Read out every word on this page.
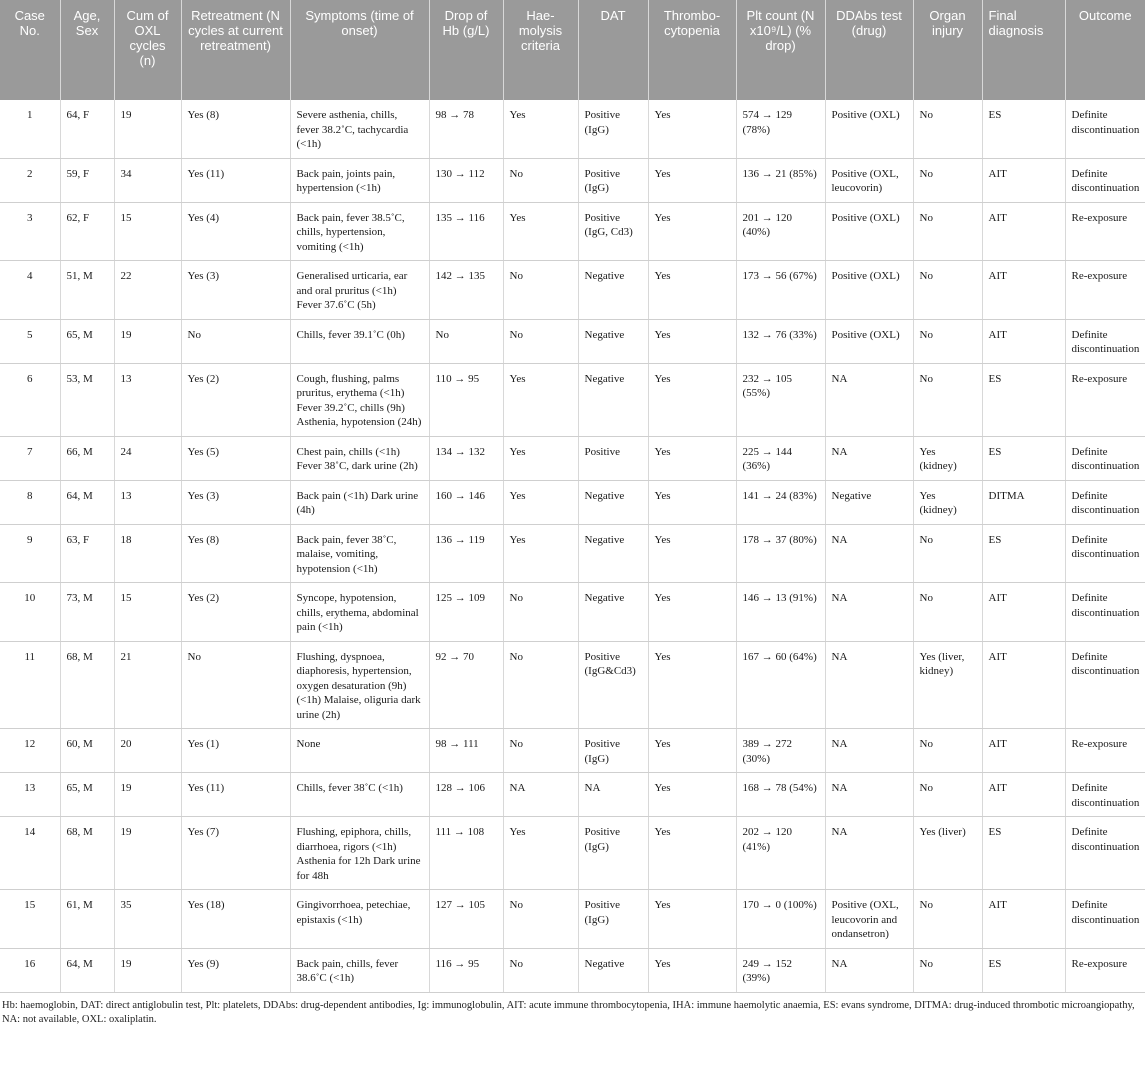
Case No.	Age, Sex	Cum of OXL cycles (n)	Retreatment (N cycles at current retreatment)	Symptoms (time of onset)	Drop of Hb (g/L)	Hae-molysis criteria	DAT	Thrombo-cytopenia	Plt count (N x10⁹/L) (% drop)	DDAbs test (drug)	Organ injury	Final diagnosis	Outcome
1	64, F	19	Yes (8)	Severe asthenia, chills, fever 38.2˚C, tachycardia (<1h)	98 → 78	Yes	Positive (IgG)	Yes	574 → 129 (78%)	Positive (OXL)	No	ES	Definite discontinuation
2	59, F	34	Yes (11)	Back pain, joints pain, hypertension (<1h)	130 → 112	No	Positive (IgG)	Yes	136 → 21 (85%)	Positive (OXL, leucovorin)	No	AIT	Definite discontinuation
3	62, F	15	Yes (4)	Back pain, fever 38.5˚C, chills, hypertension, vomiting (<1h)	135 → 116	Yes	Positive (IgG, Cd3)	Yes	201 → 120 (40%)	Positive (OXL)	No	AIT	Re-exposure
4	51, M	22	Yes (3)	Generalised urticaria, ear and oral pruritus (<1h) Fever 37.6˚C (5h)	142 → 135	No	Negative	Yes	173 → 56 (67%)	Positive (OXL)	No	AIT	Re-exposure
5	65, M	19	No	Chills, fever 39.1˚C (0h)	No	No	Negative	Yes	132 → 76 (33%)	Positive (OXL)	No	AIT	Definite discontinuation
6	53, M	13	Yes (2)	Cough, flushing, palms pruritus, erythema (<1h) Fever 39.2˚C, chills (9h) Asthenia, hypotension (24h)	110 → 95	Yes	Negative	Yes	232 → 105 (55%)	NA	No	ES	Re-exposure
7	66, M	24	Yes (5)	Chest pain, chills (<1h) Fever 38˚C, dark urine (2h)	134 → 132	Yes	Positive	Yes	225 → 144 (36%)	NA	Yes (kidney)	ES	Definite discontinuation
8	64, M	13	Yes (3)	Back pain (<1h) Dark urine (4h)	160 → 146	Yes	Negative	Yes	141 → 24 (83%)	Negative	Yes (kidney)	DITMA	Definite discontinuation
9	63, F	18	Yes (8)	Back pain, fever 38˚C, malaise, vomiting, hypotension (<1h)	136 → 119	Yes	Negative	Yes	178 → 37 (80%)	NA	No	ES	Definite discontinuation
10	73, M	15	Yes (2)	Syncope, hypotension, chills, erythema, abdominal pain (<1h)	125 → 109	No	Negative	Yes	146 → 13 (91%)	NA	No	AIT	Definite discontinuation
11	68, M	21	No	Flushing, dyspnoea, diaphoresis, hypertension, oxygen desaturation (9h) (<1h) Malaise, oliguria dark urine (2h)	92 → 70	No	Positive (IgG&Cd3)	Yes	167 → 60 (64%)	NA	Yes (liver, kidney)	AIT	Definite discontinuation
12	60, M	20	Yes (1)	None	98 → 111	No	Positive (IgG)	Yes	389 → 272 (30%)	NA	No	AIT	Re-exposure
13	65, M	19	Yes (11)	Chills, fever 38˚C (<1h)	128 → 106	NA	NA	Yes	168 → 78 (54%)	NA	No	AIT	Definite discontinuation
14	68, M	19	Yes (7)	Flushing, epiphora, chills, diarrhoea, rigors (<1h) Asthenia for 12h Dark urine for 48h	111 → 108	Yes	Positive (IgG)	Yes	202 → 120 (41%)	NA	Yes (liver)	ES	Definite discontinuation
15	61, M	35	Yes (18)	Gingivorrhoea, petechiae, epistaxis (<1h)	127 → 105	No	Positive (IgG)	Yes	170 → 0 (100%)	Positive (OXL, leucovorin and ondansetron)	No	AIT	Definite discontinuation
16	64, M	19	Yes (9)	Back pain, chills, fever 38.6˚C (<1h)	116 → 95	No	Negative	Yes	249 → 152 (39%)	NA	No	ES	Re-exposure
Hb: haemoglobin, DAT: direct antiglobulin test, Plt: platelets, DDAbs: drug-dependent antibodies, Ig: immunoglobulin, AIT: acute immune thrombocytopenia, IHA: immune haemolytic anaemia, ES: evans syndrome, DITMA: drug-induced thrombotic microangiopathy, NA: not available, OXL: oxaliplatin.
